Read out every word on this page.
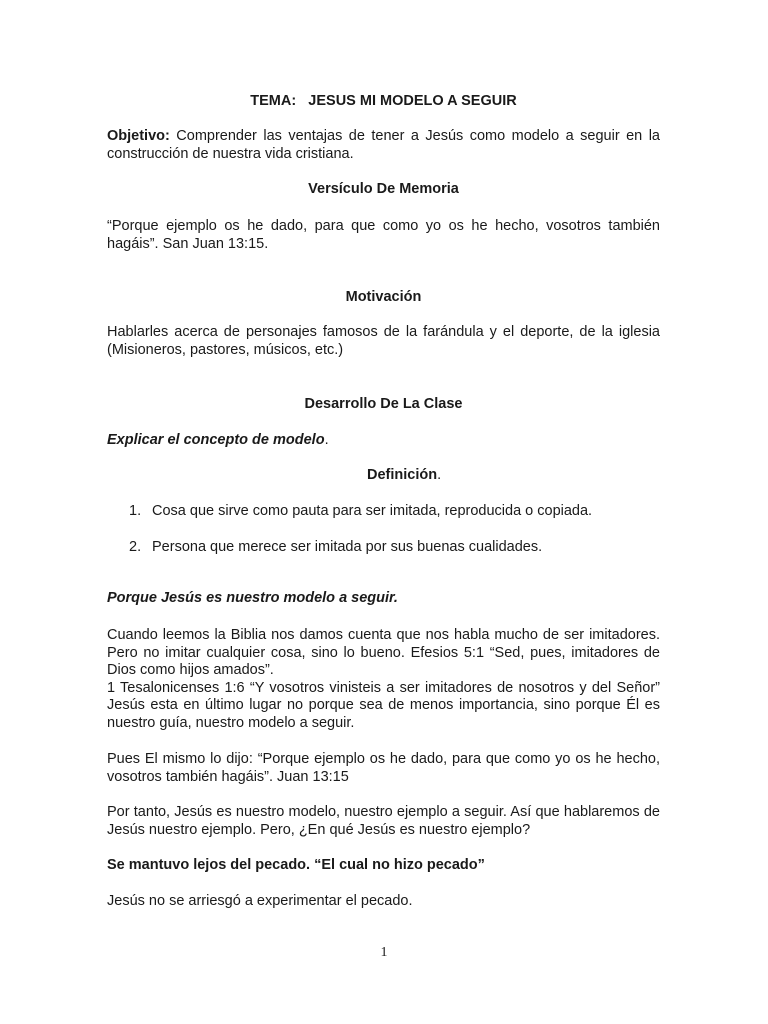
TEMA: JESUS MI MODELO A SEGUIR

Objetivo: Comprender las ventajas de tener a Jesús como modelo a seguir en la construcción de nuestra vida cristiana.

Versículo De Memoria

“Porque ejemplo os he dado, para que como yo os he hecho, vosotros también hagáis”. San Juan 13:15.

Motivación

Hablarles acerca de personajes famosos de la farándula y el deporte, de la iglesia (Misioneros, pastores, músicos, etc.)

Desarrollo De La Clase

Explicar el concepto de modelo.

Definición.

1. Cosa que sirve como pauta para ser imitada, reproducida o copiada.
2. Persona que merece ser imitada por sus buenas cualidades.

Porque Jesús es nuestro modelo a seguir.

Cuando leemos la Biblia nos damos cuenta que nos habla mucho de ser imitadores. Pero no imitar cualquier cosa, sino lo bueno. Efesios 5:1 “Sed, pues, imitadores de Dios como hijos amados”.
1 Tesalonicenses 1:6 “Y vosotros vinisteis a ser imitadores de nosotros y del Señor” Jesús esta en último lugar no porque sea de menos importancia, sino porque Él es nuestro guía, nuestro modelo a seguir.

Pues El mismo lo dijo: “Porque ejemplo os he dado, para que como yo os he hecho, vosotros también hagáis”. Juan 13:15

Por tanto, Jesús es nuestro modelo, nuestro ejemplo a seguir. Así que hablaremos de Jesús nuestro ejemplo. Pero, ¿En qué Jesús es nuestro ejemplo?

Se mantuvo lejos del pecado. “El cual no hizo pecado”

Jesús no se arriesgó a experimentar el pecado.

1
